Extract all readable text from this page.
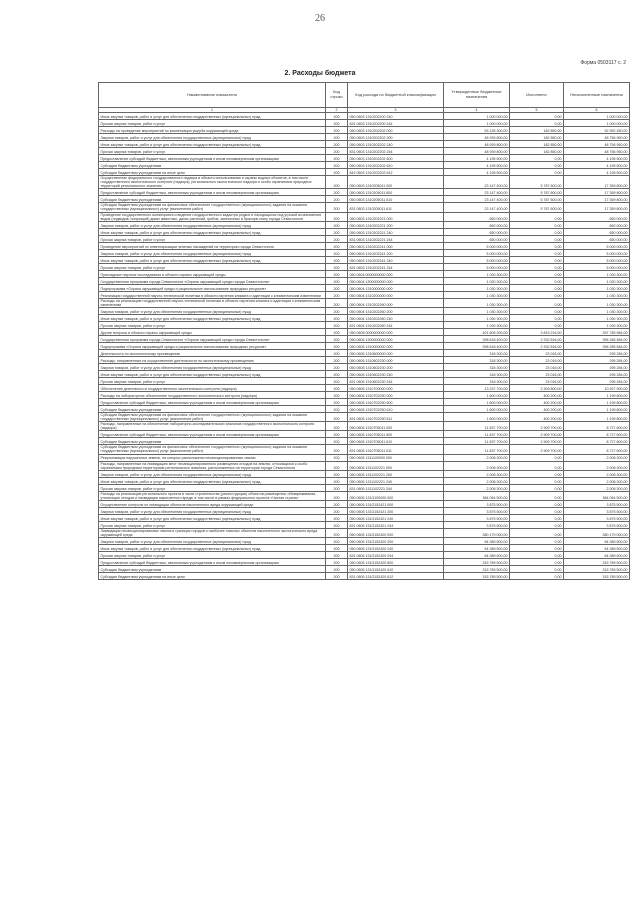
26
Форма 0503117 с. 2
2. Расходы бюджета
Наименование показателя	Код строки	Код расхода по бюджетной классификации	Утвержденные бюджетные назначения	Исполнено	Неисполненные назначения
1	2	3	4	5	6
Иные закупки товаров, работ и услуг для обеспечения государственных (муниципальных) нужд	200	050 0603 1310202200 240	1 000 000,00	0,00	1 000 000,00
Прочая закупка товаров, работ и услуг	200	831 0603 1310202200 244	1 000 000,00	0,00	1 000 000,00
Расходы на проведение мероприятий по компенсации ущерба окружающей среде	200	050 0603 1310202202 000	53 135 300,00	182 850,00	52 952 450,00
Закупка товаров, работ и услуг для обеспечения государственных (муниципальных) нужд	200	050 0603 1310202202 200	48 939 800,00	182 850,00	48 756 950,00
Иные закупки товаров, работ и услуг для обеспечения государственных (муниципальных) нужд	200	050 0603 1310202202 240	48 939 800,00	182 850,00	48 756 950,00
Прочая закупка товаров, работ и услуг	200	831 0603 1310202202 244	48 939 800,00	182 850,00	48 756 950,00
Предоставление субсидий бюджетным, автономным учреждениям и иным некоммерческим организациям	200	050 0603 1310202202 600	4 195 500,00	0,00	4 195 500,00
Субсидии бюджетным учреждениям	200	050 0603 1310202202 610	4 195 500,00	0,00	4 195 500,00
Субсидии бюджетным учреждениям на иные цели	200	842 0603 1310202202 612	4 195 500,00	0,00	4 195 500,00
Осуществление федерального государственного надзора в области использования и охраны водных объектов, в том числе государственного экологического контроля (надзора), регионального экологического надзора и особо охраняемых природных территорий регионального значения	200	050 0603 1310205011 000	23 147 400,00	5 787 600,00	17 359 800,00
Предоставление субсидий бюджетным, автономным учреждениям и иным некоммерческим организациям	200	050 0603 1310205011 600	23 147 400,00	5 787 600,00	17 359 800,00
Субсидии бюджетным учреждениям	200	050 0603 1310205011 610	23 147 400,00	5 787 600,00	17 359 800,00
Субсидии бюджетным учреждениям на финансовое обеспечение государственного (муниципального) задания на оказание государственных (муниципальных) услуг (выполнение работ)	200	831 0603 1310205011 611	23 147 400,00	5 787 600,00	17 359 800,00
Проведение государственного мониторинга и ведение государственного кадастра редких и находящихся под угрозой исчезновения видов (подвидов, популяций) диких животных, диких растений, грибов, занесенных в Красную книгу города Севастополя	200	050 0603 1310202221 000	650 000,00	0,00	650 000,00
Закупка товаров, работ и услуг для обеспечения государственных (муниципальных) нужд	200	050 0603 1310202221 200	650 000,00	0,00	650 000,00
Иные закупки товаров, работ и услуг для обеспечения государственных (муниципальных) нужд	200	050 0603 1310202221 240	650 000,00	0,00	650 000,00
Прочая закупка товаров, работ и услуг	200	831 0603 1310202221 244	650 000,00	0,00	650 000,00
Проведение мероприятий по инвентаризации зеленых насаждений на территории города Севастополя	200	050 0603 1310202241 000	5 000 000,00	0,00	5 000 000,00
Закупка товаров, работ и услуг для обеспечения государственных (муниципальных) нужд	200	050 0603 1310202241 200	5 000 000,00	0,00	5 000 000,00
Иные закупки товаров, работ и услуг для обеспечения государственных (муниципальных) нужд	200	050 0603 1310202241 240	5 000 000,00	0,00	5 000 000,00
Прочая закупка товаров, работ и услуг	200	831 0603 1310202241 244	5 000 000,00	0,00	5 000 000,00
Прикладные научные исследования в области охраны окружающей среды	200	050 0604 0000000000 000	1 030 300,00	0,00	1 030 300,00
Государственная программа города Севастополя «Охрана окружающей среды города Севастополя»	200	050 0604 1300000000 000	1 030 300,00	0,00	1 030 300,00
Подпрограмма «Охрана окружающей среды и рациональное использование природных ресурсов»	200	050 0604 1310000000 000	1 030 300,00	0,00	1 030 300,00
Реализация государственной научно-технической политики в области изучения климата и адаптации к климатическим изменениям	200	050 0604 1310200000 000	1 030 300,00	0,00	1 030 300,00
Расходы на реализацию государственной научно-технической политики в области изучения климата и адаптации к климатическим изменениям	200	050 0604 1310202260 000	1 030 300,00	0,00	1 030 300,00
Закупка товаров, работ и услуг для обеспечения государственных (муниципальных) нужд	200	050 0604 1310202260 200	1 030 300,00	0,00	1 030 300,00
Иные закупки товаров, работ и услуг для обеспечения государственных (муниципальных) нужд	200	050 0604 1310202260 240	1 030 300,00	0,00	1 030 300,00
Прочая закупка товаров, работ и услуг	200	831 0604 1310202260 244	1 030 300,00	0,00	1 030 300,00
Другие вопросы в области охраны окружающей среды	200	050 0605 0000000000 000	401 605 200,00	3 819 216,00	397 785 984,00
Государственная программа города Севастополя «Охрана окружающей среды города Севастополя»	200	050 0605 1300000000 000	398 618 400,00	2 332 816,00	396 285 584,00
Подпрограмма «Охрана окружающей среды и рациональное использование природных ресурсов»	200	050 0605 1310000000 000	398 618 400,00	2 332 816,00	396 285 584,00
Деятельность по экологическому просвещению	200	050 0605 1310600000 000	318 300,00	23 016,00	295 284,00
Расходы, направленные на осуществление деятельности по экологическому просвещению	200	050 0605 1310602230 000	318 300,00	23 016,00	295 284,00
Закупка товаров, работ и услуг для обеспечения государственных (муниципальных) нужд	200	050 0605 1310602230 200	318 300,00	23 016,00	295 284,00
Иные закупки товаров, работ и услуг для обеспечения государственных (муниципальных) нужд	200	050 0605 1310602230 240	318 300,00	23 016,00	295 284,00
Прочая закупка товаров, работ и услуг	200	831 0605 1310602230 244	318 300,00	23 016,00	295 284,00
Обеспечение деятельности государственного экологического контроля (надзора)	200	050 0605 1310700000 000	13 237 700,00	2 309 800,00	10 927 900,00
Расходы на лабораторное обеспечение государственного экологического контроля (надзора)	200	050 0605 1310702250 000	1 600 000,00	400 200,00	1 199 800,00
Предоставление субсидий бюджетным, автономным учреждениям и иным некоммерческим организациям	200	050 0605 1310702250 600	1 600 000,00	400 200,00	1 199 800,00
Субсидии бюджетным учреждениям	200	050 0605 1310702250 610	1 600 000,00	400 200,00	1 199 800,00
Субсидии бюджетным учреждениям на финансовое обеспечение государственного (муниципального) задания на оказание государственных (муниципальных) услуг (выполнение работ)	200	831 0605 1310702250 611	1 600 000,00	400 200,00	1 199 800,00
Расходы, направленные на обеспечение лабораторно-исследовательских анализов государственного экологического контроля (надзора)	200	050 0605 1310705011 000	11 637 700,00	2 909 700,00	8 727 600,00
Предоставление субсидий бюджетным, автономным учреждениям и иным некоммерческим организациям	200	050 0605 1310705011 600	11 637 700,00	2 909 700,00	8 727 600,00
Субсидии бюджетным учреждениям	200	050 0605 1310705011 610	11 637 700,00	2 909 700,00	8 727 600,00
Субсидии бюджетным учреждениям на финансовое обеспечение государственного (муниципального) задания на оказание государственных (муниципальных) услуг (выполнение работ)	200	831 0605 1310705011 611	11 637 700,00	2 909 700,00	8 727 600,00
Рекультивация нарушенных земель, на которых расположены несанкционированные свалки	200	050 0605 1311100000 000	2 008 300,00	0,00	2 008 300,00
Расходы, направленные на ликвидацию мест несанкционированного размещения отходов на землях, относящихся к особо охраняемым природным территориям регионального значения, расположенных на территории города Севастополя	200	050 0605 1311102221 000	2 008 300,00	0,00	2 008 300,00
Закупка товаров, работ и услуг для обеспечения государственных (муниципальных) нужд	200	050 0605 1311102221 200	2 008 300,00	0,00	2 008 300,00
Иные закупки товаров, работ и услуг для обеспечения государственных (муниципальных) нужд	200	050 0605 1311102221 240	2 008 300,00	0,00	2 008 300,00
Прочая закупка товаров, работ и услуг	200	831 0605 1311102221 244	2 008 300,00	0,00	2 008 300,00
Расходы на реализацию регионального проекта в части строительства (реконструкции) объектов размещения, обезвреживания, утилизации отходов и ликвидации накопленного вреда, в том числе в рамках федерального проекта «Чистая страна»	200	050 0605 131G100000 000	384 064 500,00	0,00	384 064 500,00
Осуществление контроля по ликвидации объектов накопленного вреда окружающей среде	200	050 0605 131G152421 000	3 875 500,00	0,00	3 875 500,00
Закупка товаров, работ и услуг для обеспечения государственных (муниципальных) нужд	200	050 0605 131G152421 200	3 875 500,00	0,00	3 875 500,00
Иные закупки товаров, работ и услуг для обеспечения государственных (муниципальных) нужд	200	050 0605 131G152421 240	3 875 500,00	0,00	3 875 500,00
Прочая закупка товаров, работ и услуг	200	831 0605 131G152421 244	3 875 500,00	0,00	3 875 500,00
Ликвидация несанкционированных свалок в границах городов и наиболее опасных объектов накопленного экологического вреда окружающей среде	200	050 0605 131G152420 000	380 179 000,00	0,00	380 179 000,00
Закупка товаров, работ и услуг для обеспечения государственных (муниципальных) нужд	200	050 0605 131G152420 200	64 389 500,00	0,00	64 389 500,00
Иные закупки товаров, работ и услуг для обеспечения государственных (муниципальных) нужд	200	050 0605 131G152420 240	64 389 500,00	0,00	64 389 500,00
Прочая закупка товаров, работ и услуг	200	831 0605 131G152420 244	64 389 500,00	0,00	64 389 500,00
Предоставление субсидий бюджетным, автономным учреждениям и иным некоммерческим организациям	200	050 0605 131G152420 600	315 789 500,00	0,00	315 789 500,00
Субсидии бюджетным учреждениям	200	050 0605 131G152420 610	315 789 500,00	0,00	315 789 500,00
Субсидии бюджетным учреждениям на иные цели	200	831 0605 131G152420 612	315 789 500,00	0,00	315 789 500,00
